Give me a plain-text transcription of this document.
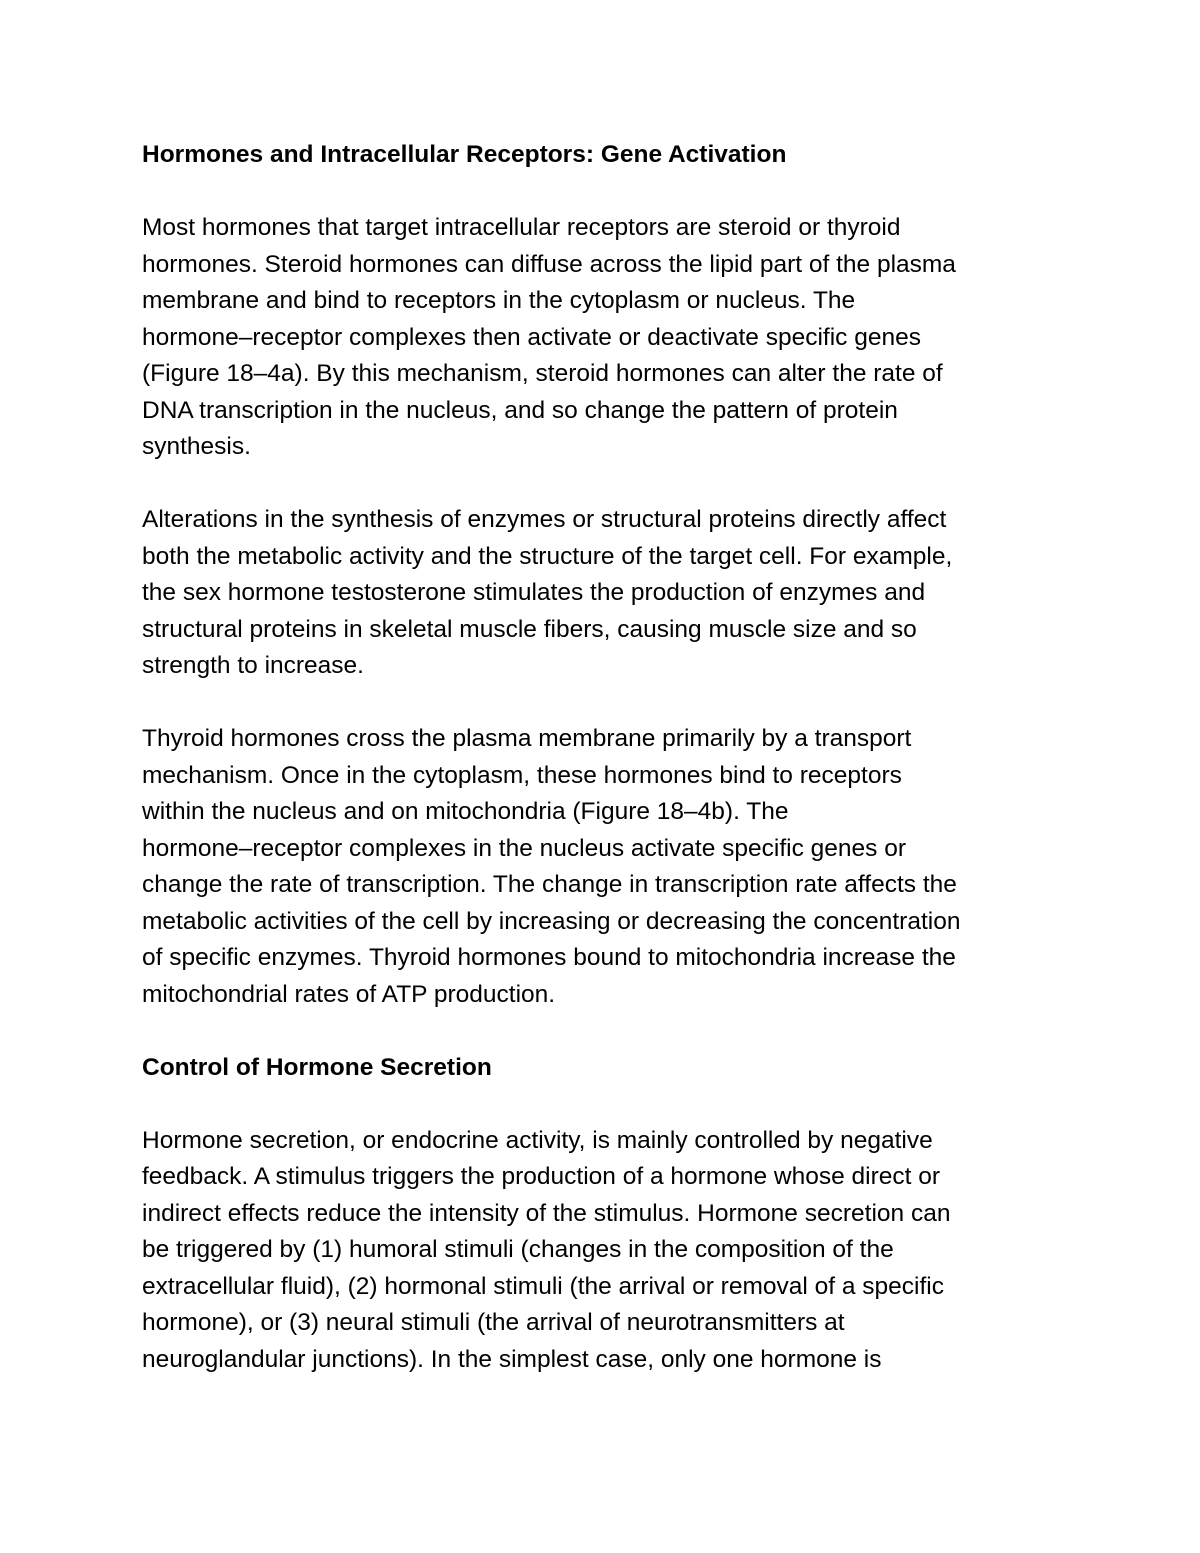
Hormones and Intracellular Receptors: Gene Activation

Most hormones that target intracellular receptors are steroid or thyroid
hormones. Steroid hormones can diffuse across the lipid part of the plasma
membrane and bind to receptors in the cytoplasm or nucleus. The
hormone–receptor complexes then activate or deactivate specific genes
(Figure 18–4a). By this mechanism, steroid hormones can alter the rate of
DNA transcription in the nucleus, and so change the pattern of protein
synthesis.

Alterations in the synthesis of enzymes or structural proteins directly affect
both the metabolic activity and the structure of the target cell. For example,
the sex hormone testosterone stimulates the production of enzymes and
structural proteins in skeletal muscle fibers, causing muscle size and so
strength to increase.

Thyroid hormones cross the plasma membrane primarily by a transport
mechanism. Once in the cytoplasm, these hormones bind to receptors
within the nucleus and on mitochondria (Figure 18–4b). The
hormone–receptor complexes in the nucleus activate specific genes or
change the rate of transcription. The change in transcription rate affects the
metabolic activities of the cell by increasing or decreasing the concentration
of specific enzymes. Thyroid hormones bound to mitochondria increase the
mitochondrial rates of ATP production.

Control of Hormone Secretion

Hormone secretion, or endocrine activity, is mainly controlled by negative
feedback. A stimulus triggers the production of a hormone whose direct or
indirect effects reduce the intensity of the stimulus. Hormone secretion can
be triggered by (1) humoral stimuli (changes in the composition of the
extracellular fluid), (2) hormonal stimuli (the arrival or removal of a specific
hormone), or (3) neural stimuli (the arrival of neurotransmitters at
neuroglandular junctions). In the simplest case, only one hormone is
